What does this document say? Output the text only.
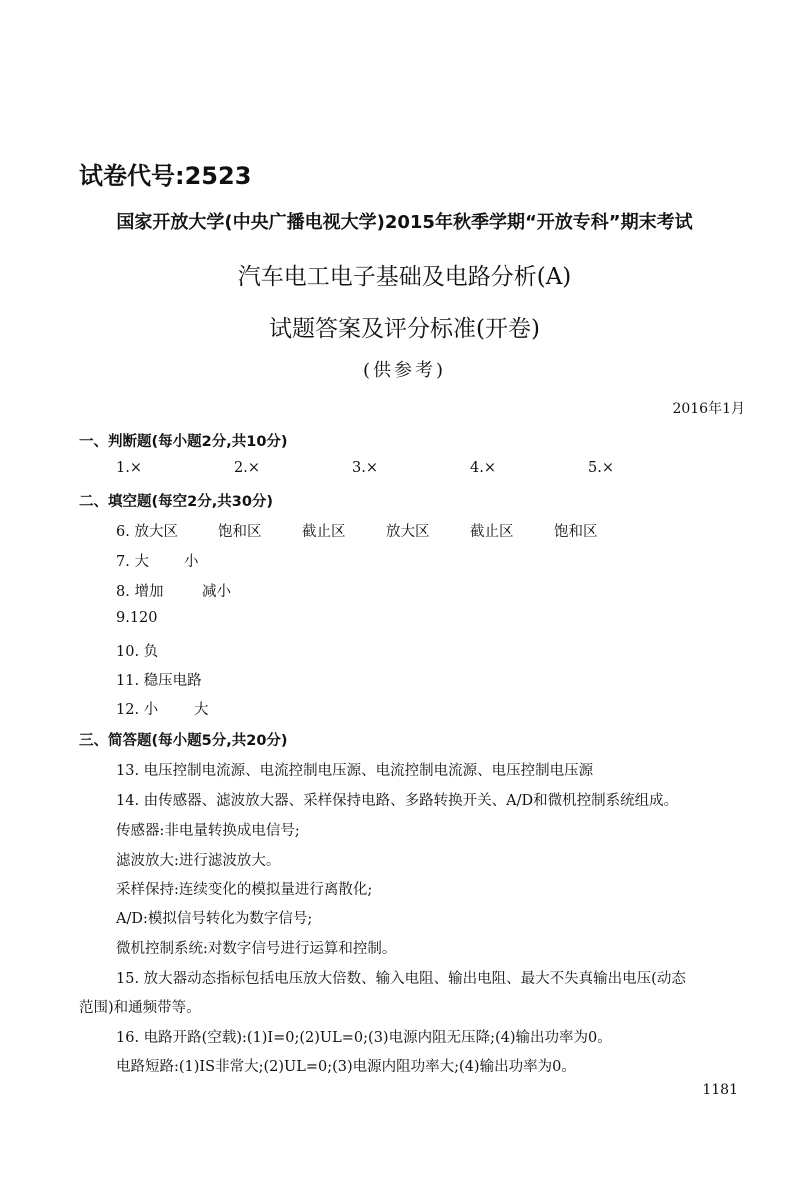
试卷代号:2523
国家开放大学(中央广播电视大学)2015年秋季学期“开放专科”期末考试
汽车电工电子基础及电路分析(A)
试题答案及评分标准(开卷)
(供参考)
2016年1月
一、判断题(每小题2分,共10分)
1.×	2.×	3.×	4.×	5.×
二、填空题(每空2分,共30分)
6. 放大区	饱和区	截止区	放大区	截止区	饱和区
7. 大	小
8. 增加	减小
9.120
10. 负
11. 稳压电路
12. 小	大
三、简答题(每小题5分,共20分)
13. 电压控制电流源、电流控制电压源、电流控制电流源、电压控制电压源
14. 由传感器、滤波放大器、采样保持电路、多路转换开关、A/D和微机控制系统组成。
传感器:非电量转换成电信号;
滤波放大:进行滤波放大。
采样保持:连续变化的模拟量进行离散化;
A/D:模拟信号转化为数字信号;
微机控制系统:对数字信号进行运算和控制。
15. 放大器动态指标包括电压放大倍数、输入电阻、输出电阻、最大不失真输出电压(动态
范围)和通频带等。
16. 电路开路(空载):(1)I=0;(2)UL=0;(3)电源内阻无压降;(4)输出功率为0。
电路短路:(1)IS非常大;(2)UL=0;(3)电源内阻功率大;(4)输出功率为0。
1181
